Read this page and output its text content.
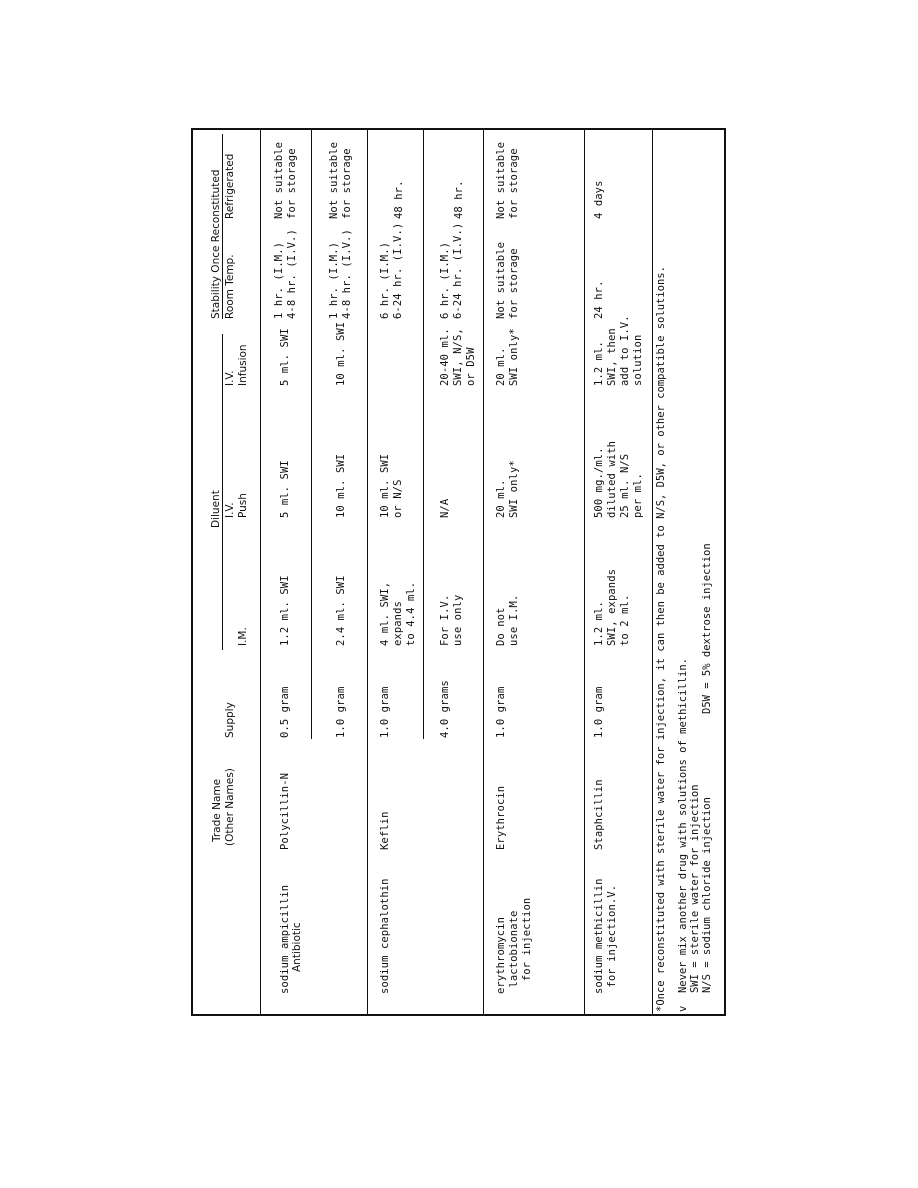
Antibiotic
Trade Name (Other Names)
Supply
Diluent
Stability Once Reconstituted
I.M.
I.V. Push
I.V. Infusion
Room Temp.
Refrigerated
sodium ampicillin
Polycillin-N
0.5 gram
1.2 ml. SWI
5 ml. SWI
5 ml. SWI
1 hr. (I.M.)
4-8 hr. (I.V.)
Not suitable
for storage
1.0 gram
2.4 ml. SWI
10 ml. SWI
10 ml. SWI
1 hr. (I.M.)
4-8 hr. (I.V.)
Not suitable
for storage
sodium cephalothin
Keflin
1.0 gram
4 ml. SWI,
expands
to 4.4 ml.
10 ml. SWI
or N/S
6 hr. (I.M.)
6-24 hr. (I.V.)
48 hr.
4.0 grams
For I.V.
use only
N/A
20-40 ml.
SWI, N/S,
or D5W
6 hr. (I.M.)
6-24 hr. (I.V.)
48 hr.
erythromycin
lactobionate
for injection
Erythrocin
1.0 gram
Do not
use I.M.
20 ml.
SWI only*
20 ml.
SWI only*
Not suitable
for storage
Not suitable
for storage
sodium methicillin
for injection.V.
Staphcillin
1.0 gram
1.2 ml.
SWI, expands
to 2 ml.
500 mg./ml.
diluted with
25 ml. N/S
per ml.
1.2 ml.
SWI, then
add to I.V.
solution
24 hr.
4 days
*Once reconstituted with sterile water for injection, it can then be added to N/S, D5W, or other compatible solutions. v  Never mix another drug with solutions of methicillin. SWI = sterile water for injection N/S = sodium chloride injection
D5W = 5% dextrose injection
